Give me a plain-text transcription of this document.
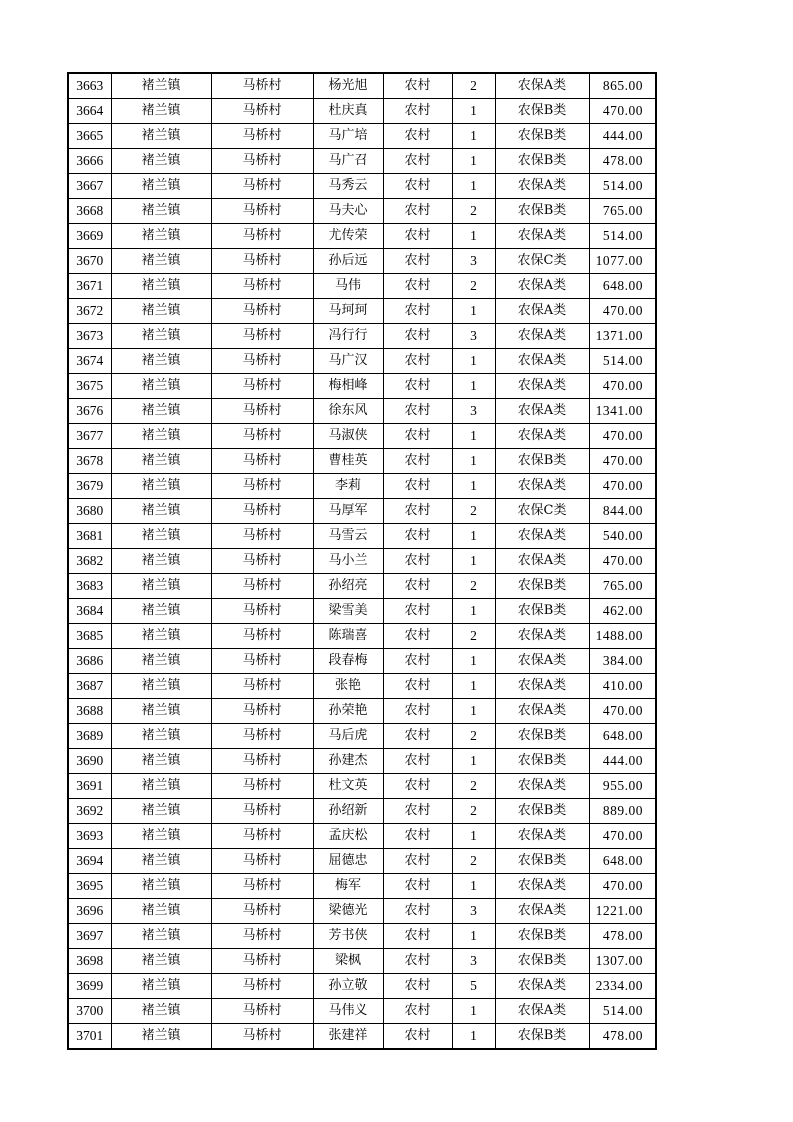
3663	褚兰镇	马桥村	杨光旭	农村	2	农保A类	865.00
3664	褚兰镇	马桥村	杜庆真	农村	1	农保B类	470.00
3665	褚兰镇	马桥村	马广培	农村	1	农保B类	444.00
3666	褚兰镇	马桥村	马广召	农村	1	农保B类	478.00
3667	褚兰镇	马桥村	马秀云	农村	1	农保A类	514.00
3668	褚兰镇	马桥村	马夫心	农村	2	农保B类	765.00
3669	褚兰镇	马桥村	尤传荣	农村	1	农保A类	514.00
3670	褚兰镇	马桥村	孙后远	农村	3	农保C类	1077.00
3671	褚兰镇	马桥村	马伟	农村	2	农保A类	648.00
3672	褚兰镇	马桥村	马珂珂	农村	1	农保A类	470.00
3673	褚兰镇	马桥村	冯行行	农村	3	农保A类	1371.00
3674	褚兰镇	马桥村	马广汉	农村	1	农保A类	514.00
3675	褚兰镇	马桥村	梅相峰	农村	1	农保A类	470.00
3676	褚兰镇	马桥村	徐东风	农村	3	农保A类	1341.00
3677	褚兰镇	马桥村	马淑侠	农村	1	农保A类	470.00
3678	褚兰镇	马桥村	曹桂英	农村	1	农保B类	470.00
3679	褚兰镇	马桥村	李莉	农村	1	农保A类	470.00
3680	褚兰镇	马桥村	马厚军	农村	2	农保C类	844.00
3681	褚兰镇	马桥村	马雪云	农村	1	农保A类	540.00
3682	褚兰镇	马桥村	马小兰	农村	1	农保A类	470.00
3683	褚兰镇	马桥村	孙绍亮	农村	2	农保B类	765.00
3684	褚兰镇	马桥村	梁雪美	农村	1	农保B类	462.00
3685	褚兰镇	马桥村	陈瑞喜	农村	2	农保A类	1488.00
3686	褚兰镇	马桥村	段春梅	农村	1	农保A类	384.00
3687	褚兰镇	马桥村	张艳	农村	1	农保A类	410.00
3688	褚兰镇	马桥村	孙荣艳	农村	1	农保A类	470.00
3689	褚兰镇	马桥村	马后虎	农村	2	农保B类	648.00
3690	褚兰镇	马桥村	孙建杰	农村	1	农保B类	444.00
3691	褚兰镇	马桥村	杜文英	农村	2	农保A类	955.00
3692	褚兰镇	马桥村	孙绍新	农村	2	农保B类	889.00
3693	褚兰镇	马桥村	孟庆松	农村	1	农保A类	470.00
3694	褚兰镇	马桥村	屈德忠	农村	2	农保B类	648.00
3695	褚兰镇	马桥村	梅军	农村	1	农保A类	470.00
3696	褚兰镇	马桥村	梁德光	农村	3	农保A类	1221.00
3697	褚兰镇	马桥村	芳书侠	农村	1	农保B类	478.00
3698	褚兰镇	马桥村	梁枫	农村	3	农保B类	1307.00
3699	褚兰镇	马桥村	孙立敬	农村	5	农保A类	2334.00
3700	褚兰镇	马桥村	马伟义	农村	1	农保A类	514.00
3701	褚兰镇	马桥村	张建祥	农村	1	农保B类	478.00
